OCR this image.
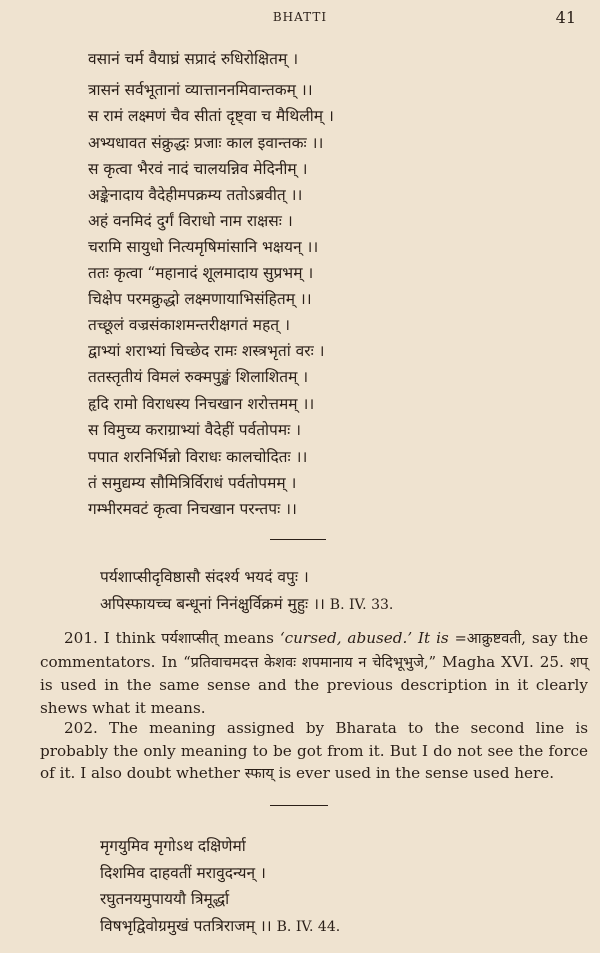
BHATTI	41
वसानं चर्म वैयाघ्रं सप्रादं रुधिरोक्षितम् ।
त्रासनं सर्वभूतानां व्यात्ताननमिवान्तकम् ।।
स रामं लक्ष्मणं चैव सीतां दृष्ट्वा च मैथिलीम् ।
अभ्यधावत संक्रुद्धः प्रजाः काल इवान्तकः ।।
स कृत्वा भैरवं नादं चालयन्निव मेदिनीम् ।
अङ्केनादाय वैदेहीमपक्रम्य ततोऽब्रवीत् ।।
अहं वनमिदं दुर्गं विराधो नाम राक्षसः ।
चरामि सायुधो नित्यमृषिमांसानि भक्षयन् ।।
ततः कृत्वा “महानादं शूलमादाय सुप्रभम् ।
चिक्षेप परमक्रुद्धो लक्ष्मणायाभिसंहितम् ।।
तच्छूलं वज्रसंकाशमन्तरीक्षगतं महत् ।
द्वाभ्यां शराभ्यां चिच्छेद रामः शस्त्रभृतां वरः ।
ततस्तृतीयं विमलं रुक्मपुङ्खं शिलाशितम् ।
हृदि रामो विराधस्य निचखान शरोत्तमम् ।।
स विमुच्य कराग्राभ्यां वैदेहीं पर्वतोपमः ।
पपात शरनिर्भिन्नो विराधः कालचोदितः ।।
तं समुद्यम्य सौमित्रिर्विराधं पर्वतोपमम् ।
गम्भीरमवटं कृत्वा निचखान परन्तपः ।।
पर्यशाप्सीदृविष्ठासौ संदर्श्य भयदं वपुः ।
अपिस्फायच्च बन्धूनां निनंक्षुर्विक्रमं मुहुः ।। B. IV. 33.
201. I think पर्यशाप्सीत् means ‘cursed, abused.’ It is =आक्रुष्टवती, say the commentators. In “प्रतिवाचमदत्त केशवः शपमानाय न चेदिभूभुजे,” Magha XVI. 25. शप् is used in the same sense and the previous description in it clearly shews what it means.
202. The meaning assigned by Bharata to the second line is probably the only meaning to be got from it. But I do not see the force of it. I also doubt whether स्फाय् is ever used in the sense used here.
मृगयुमिव मृगोऽथ दक्षिणेर्मा
दिशमिव दाहवतीं मरावुदन्यन् ।
रघुतनयमुपाययौ त्रिमूर्द्धा
विषभृद्विवोग्रमुखं पतत्रिराजम् ।। B. IV. 44.
